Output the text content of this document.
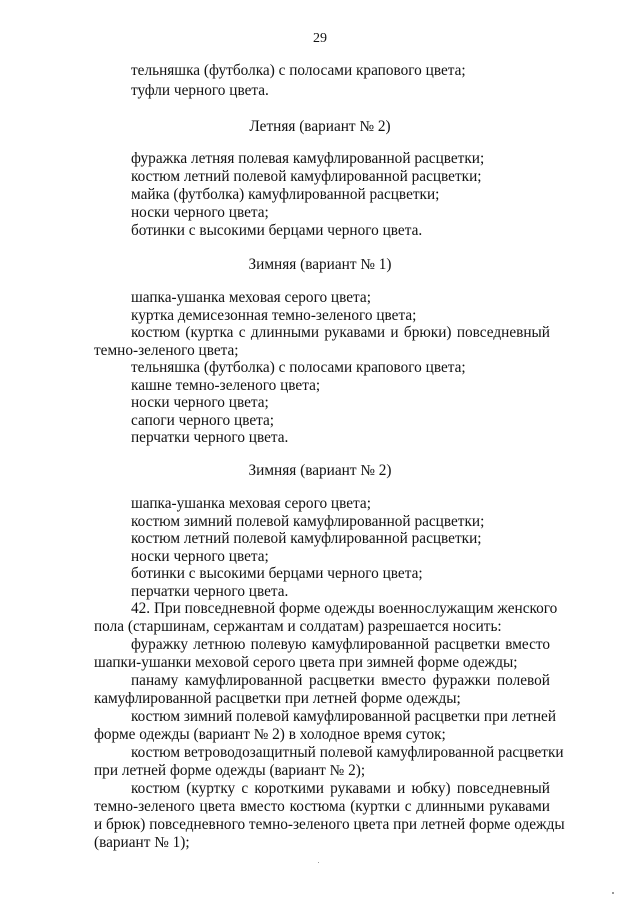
29
тельняшка (футболка) с полосами крапового цвета;
туфли черного цвета.
Летняя (вариант № 2)
фуражка летняя полевая камуфлированной расцветки;
костюм летний полевой камуфлированной расцветки;
майка (футболка) камуфлированной расцветки;
носки черного цвета;
ботинки с высокими берцами черного цвета.
Зимняя (вариант № 1)
шапка-ушанка меховая серого цвета;
куртка демисезонная темно-зеленого цвета;
костюм (куртка с длинными рукавами и брюки) повседневный
темно-зеленого цвета;
тельняшка (футболка) с полосами крапового цвета;
кашне темно-зеленого цвета;
носки черного цвета;
сапоги черного цвета;
перчатки черного цвета.
Зимняя (вариант № 2)
шапка-ушанка меховая серого цвета;
костюм зимний полевой камуфлированной расцветки;
костюм летний полевой камуфлированной расцветки;
носки черного цвета;
ботинки с высокими берцами черного цвета;
перчатки черного цвета.
42. При повседневной форме одежды военнослужащим женского
пола (старшинам, сержантам и солдатам) разрешается носить:
фуражку летнюю полевую камуфлированной расцветки вместо
шапки-ушанки меховой серого цвета при зимней форме одежды;
панаму камуфлированной расцветки вместо фуражки полевой
камуфлированной расцветки при летней форме одежды;
костюм зимний полевой камуфлированной расцветки при летней
формe одежды (вариант № 2) в холодное время суток;
костюм ветроводозащитный полевой камуфлированной расцветки
при летней форме одежды (вариант № 2);
костюм (куртку с короткими рукавами и юбку) повседневный
темно-зеленого цвета вместо костюма (куртки с длинными рукавами
и брюк) повседневного темно-зеленого цвета при летней форме одежды
(вариант № 1);
